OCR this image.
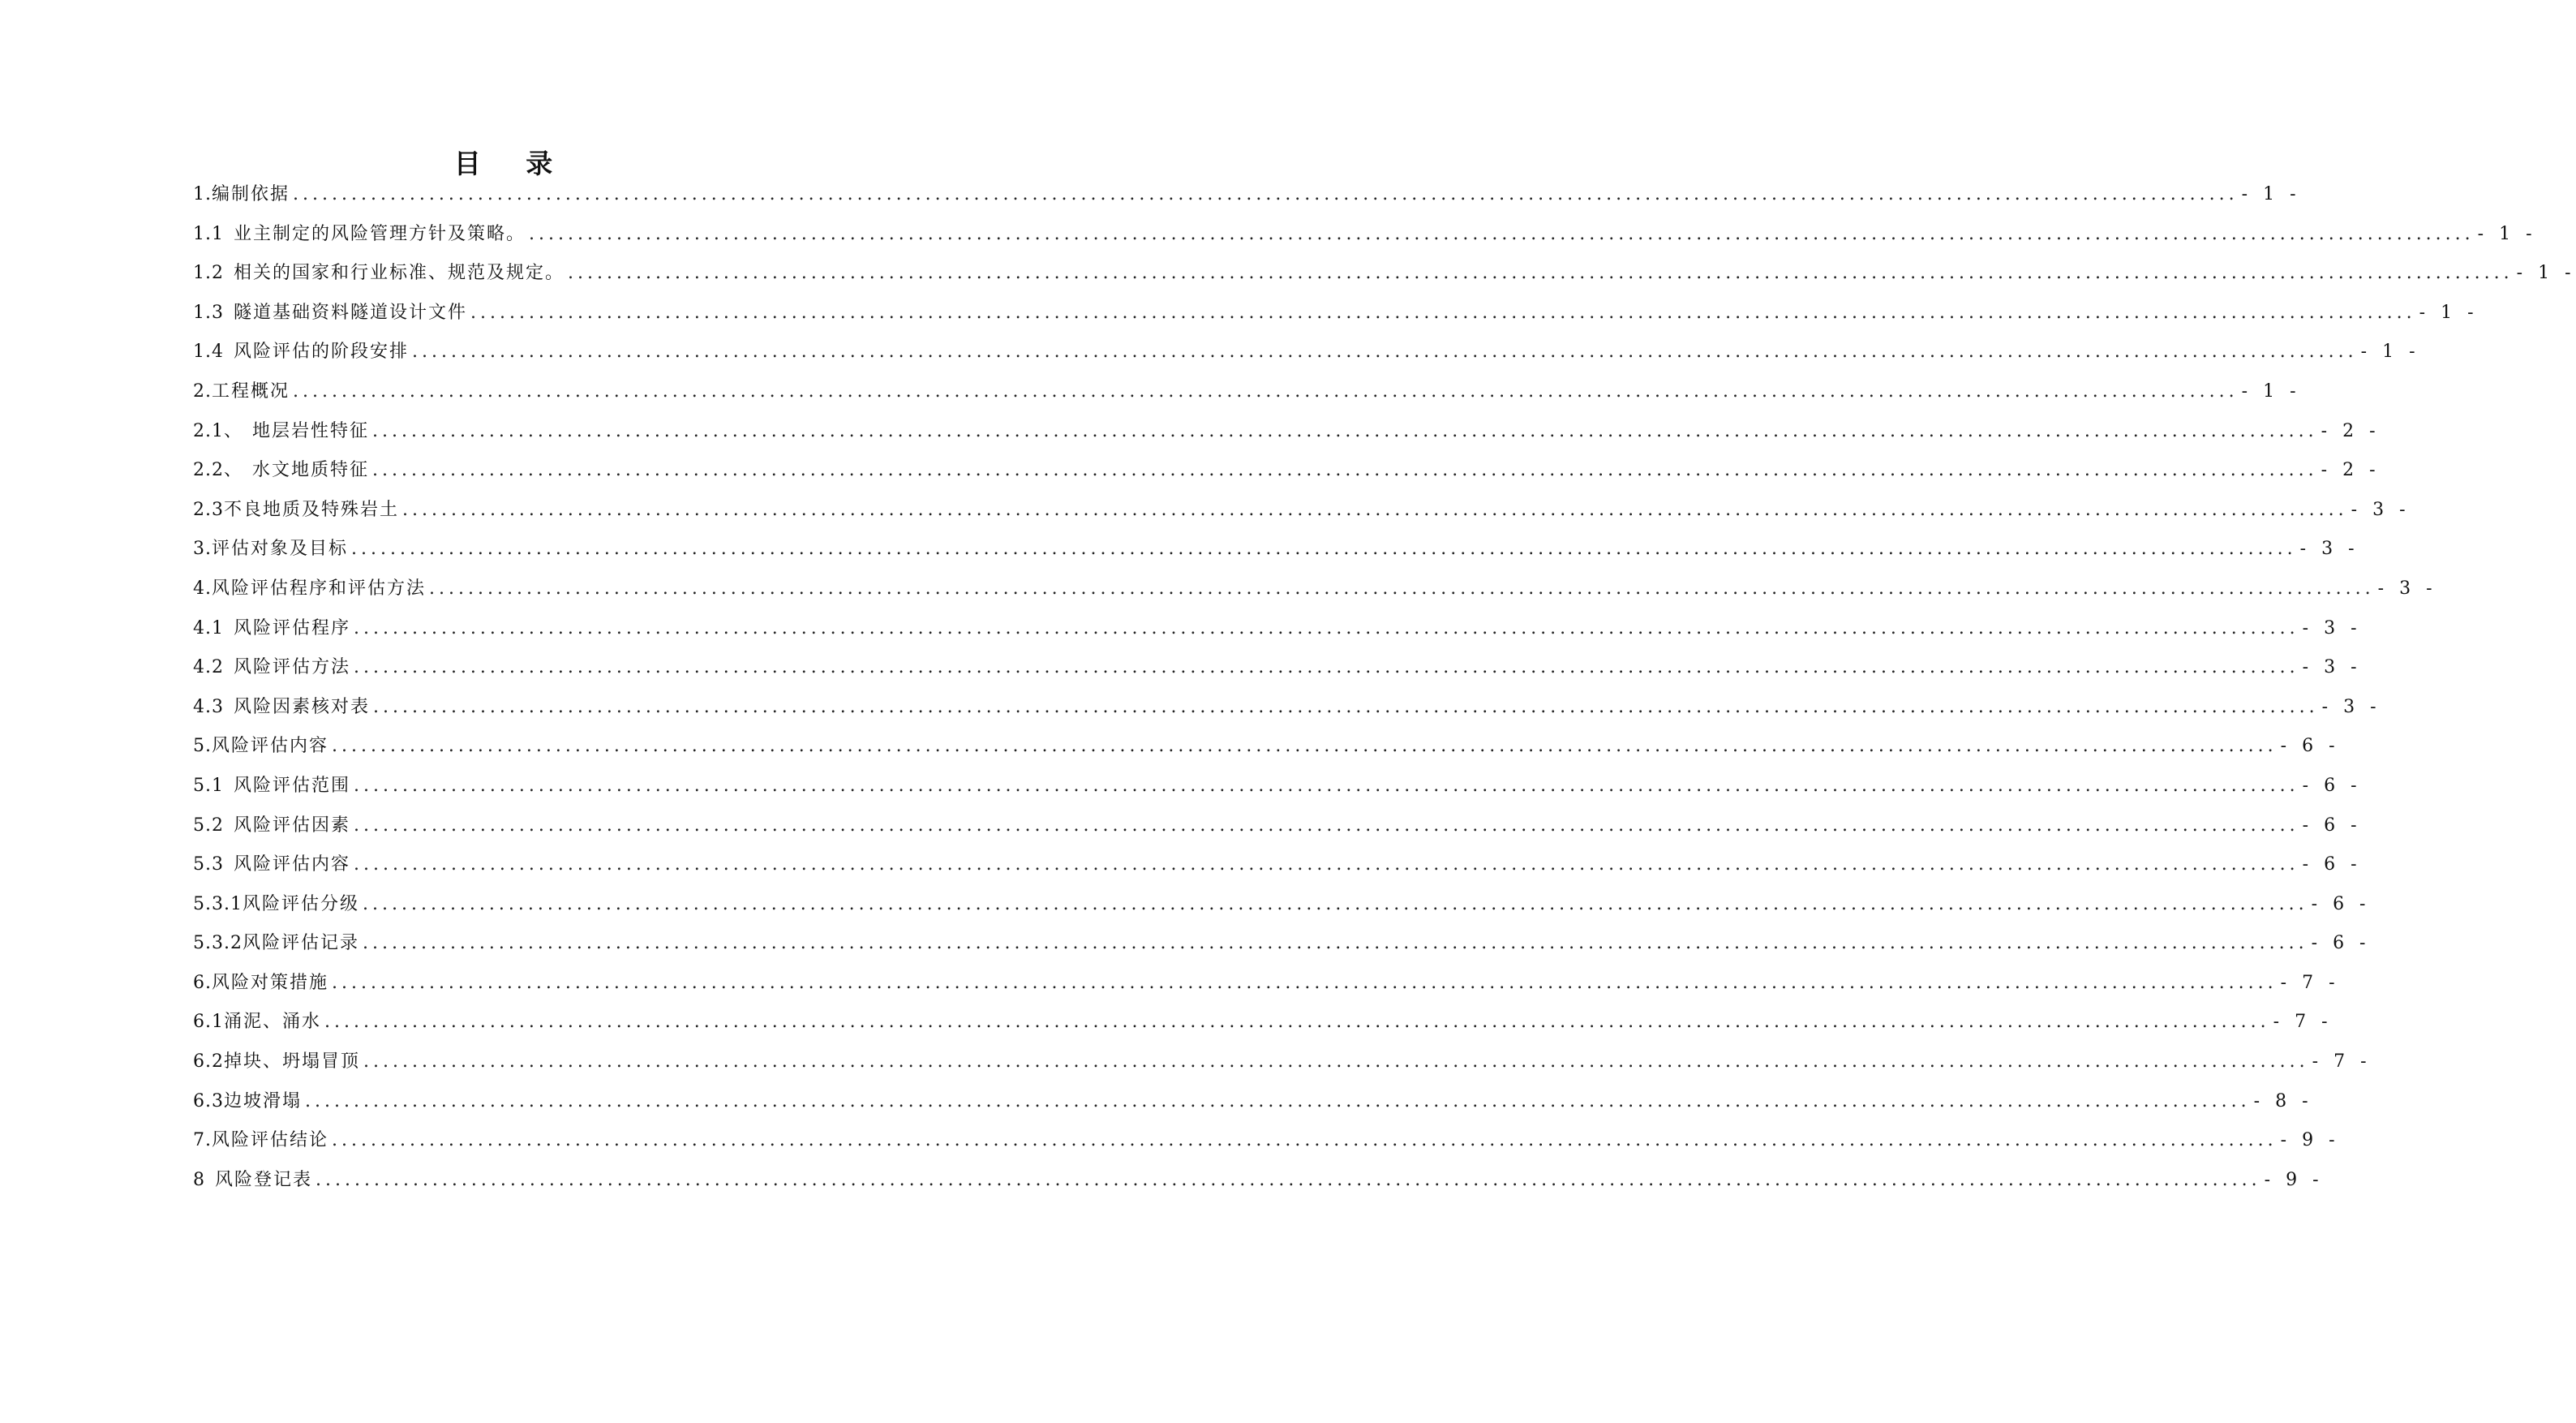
目 录
1. 编制依据 ........................................................................................................................................................................................................ - 1 -
1.1 业主制定的风险管理方针及策略。 ........................................................................................................................................................................................................ - 1 -
1.2 相关的国家和行业标准、规范及规定。 ........................................................................................................................................................................................................ - 1 -
1.3 隧道基础资料隧道设计文件 ........................................................................................................................................................................................................ - 1 -
1.4 风险评估的阶段安排 ........................................................................................................................................................................................................ - 1 -
2. 工程概况 ........................................................................................................................................................................................................ - 1 -
2.1、 地层岩性特征 ........................................................................................................................................................................................................ - 2 -
2.2、 水文地质特征 ........................................................................................................................................................................................................ - 2 -
2.3 不良地质及特殊岩土 ........................................................................................................................................................................................................ - 3 -
3. 评估对象及目标 ........................................................................................................................................................................................................ - 3 -
4. 风险评估程序和评估方法 ........................................................................................................................................................................................................ - 3 -
4.1 风险评估程序 ........................................................................................................................................................................................................ - 3 -
4.2 风险评估方法 ........................................................................................................................................................................................................ - 3 -
4.3 风险因素核对表 ........................................................................................................................................................................................................ - 3 -
5. 风险评估内容 ........................................................................................................................................................................................................ - 6 -
5.1 风险评估范围 ........................................................................................................................................................................................................ - 6 -
5.2 风险评估因素 ........................................................................................................................................................................................................ - 6 -
5.3 风险评估内容 ........................................................................................................................................................................................................ - 6 -
5.3.1 风险评估分级 ........................................................................................................................................................................................................ - 6 -
5.3.2 风险评估记录 ........................................................................................................................................................................................................ - 6 -
6. 风险对策措施 ........................................................................................................................................................................................................ - 7 -
6.1 涌泥、涌水 ........................................................................................................................................................................................................ - 7 -
6.2 掉块、坍塌冒顶 ........................................................................................................................................................................................................ - 7 -
6.3 边坡滑塌 ........................................................................................................................................................................................................ - 8 -
7. 风险评估结论 ........................................................................................................................................................................................................ - 9 -
8 风险登记表 ........................................................................................................................................................................................................ - 9 -
